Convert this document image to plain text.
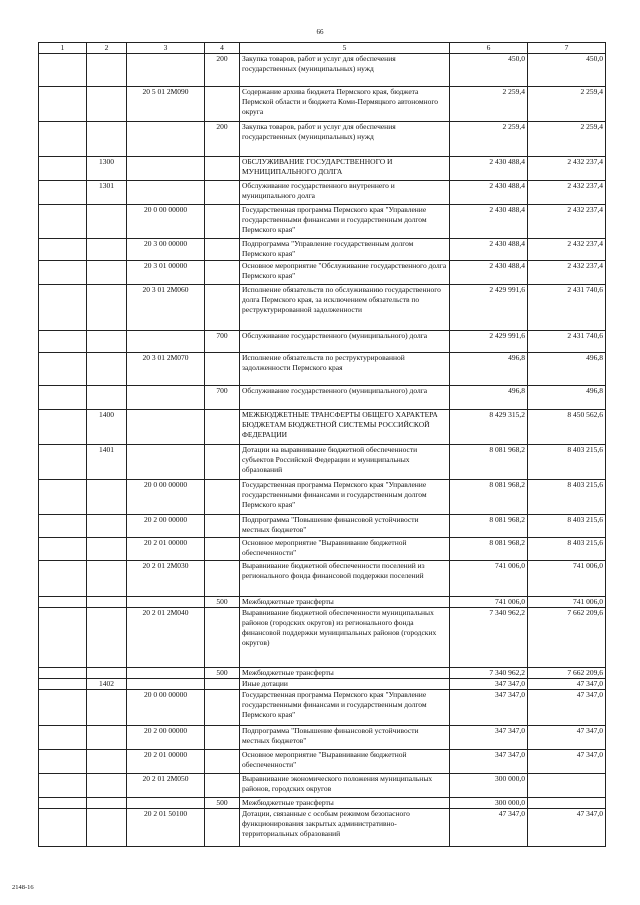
66
1	2	3	4	5	6	7
			200	Закупка товаров, работ и услуг для обеспечения государственных (муниципальных) нужд	450,0	450,0
		20 5 01 2М090		Содержание архива бюджета Пермского края, бюджета Пермской области и бюджета Коми-Пермяцкого автономного округа	2 259,4	2 259,4
			200	Закупка товаров, работ и услуг для обеспечения государственных (муниципальных) нужд	2 259,4	2 259,4
	1300			ОБСЛУЖИВАНИЕ ГОСУДАРСТВЕННОГО И МУНИЦИПАЛЬНОГО ДОЛГА	2 430 488,4	2 432 237,4
	1301			Обслуживание государственного внутреннего и муниципального долга	2 430 488,4	2 432 237,4
		20 0 00 00000		Государственная программа Пермского края "Управление государственными финансами и государственным долгом Пермского края"	2 430 488,4	2 432 237,4
		20 3 00 00000		Подпрограмма "Управление государственным долгом Пермского края"	2 430 488,4	2 432 237,4
		20 3 01 00000		Основное мероприятие "Обслуживание государственного долга Пермского края"	2 430 488,4	2 432 237,4
		20 3 01 2М060		Исполнение обязательств по обслуживанию государственного долга Пермского края, за исключением обязательств по реструктурированной задолженности	2 429 991,6	2 431 740,6
			700	Обслуживание государственного (муниципального) долга	2 429 991,6	2 431 740,6
		20 3 01 2М070		Исполнение обязательств по реструктурированной задолженности Пермского края	496,8	496,8
			700	Обслуживание государственного (муниципального) долга	496,8	496,8
	1400			МЕЖБЮДЖЕТНЫЕ ТРАНСФЕРТЫ ОБЩЕГО ХАРАКТЕРА БЮДЖЕТАМ БЮДЖЕТНОЙ СИСТЕМЫ РОССИЙСКОЙ ФЕДЕРАЦИИ	8 429 315,2	8 450 562,6
	1401			Дотации на выравнивание бюджетной обеспеченности субъектов Российской Федерации и муниципальных образований	8 081 968,2	8 403 215,6
		20 0 00 00000		Государственная программа Пермского края "Управление государственными финансами и государственным долгом Пермского края"	8 081 968,2	8 403 215,6
		20 2 00 00000		Подпрограмма "Повышение финансовой устойчивости местных бюджетов"	8 081 968,2	8 403 215,6
		20 2 01 00000		Основное мероприятие "Выравнивание бюджетной обеспеченности"	8 081 968,2	8 403 215,6
		20 2 01 2М030		Выравнивание бюджетной обеспеченности поселений из регионального фонда финансовой поддержки поселений	741 006,0	741 006,0
			500	Межбюджетные трансферты	741 006,0	741 006,0
		20 2 01 2М040		Выравнивание бюджетной обеспеченности муниципальных районов (городских округов) из регионального фонда финансовой поддержки муниципальных районов (городских округов)	7 340 962,2	7 662 209,6
			500	Межбюджетные трансферты	7 340 962,2	7 662 209,6
	1402			Иные дотации	347 347,0	47 347,0
		20 0 00 00000		Государственная программа Пермского края "Управление государственными финансами и государственным долгом Пермского края"	347 347,0	47 347,0
		20 2 00 00000		Подпрограмма "Повышение финансовой устойчивости местных бюджетов"	347 347,0	47 347,0
		20 2 01 00000		Основное мероприятие "Выравнивание бюджетной обеспеченности"	347 347,0	47 347,0
		20 2 01 2М050		Выравнивание экономического положения муниципальных районов, городских округов	300 000,0	
			500	Межбюджетные трансферты	300 000,0	
		20 2 01 50100		Дотации, связанные с особым режимом безопасного функционирования закрытых административно-территориальных образований	47 347,0	47 347,0
2148-16
